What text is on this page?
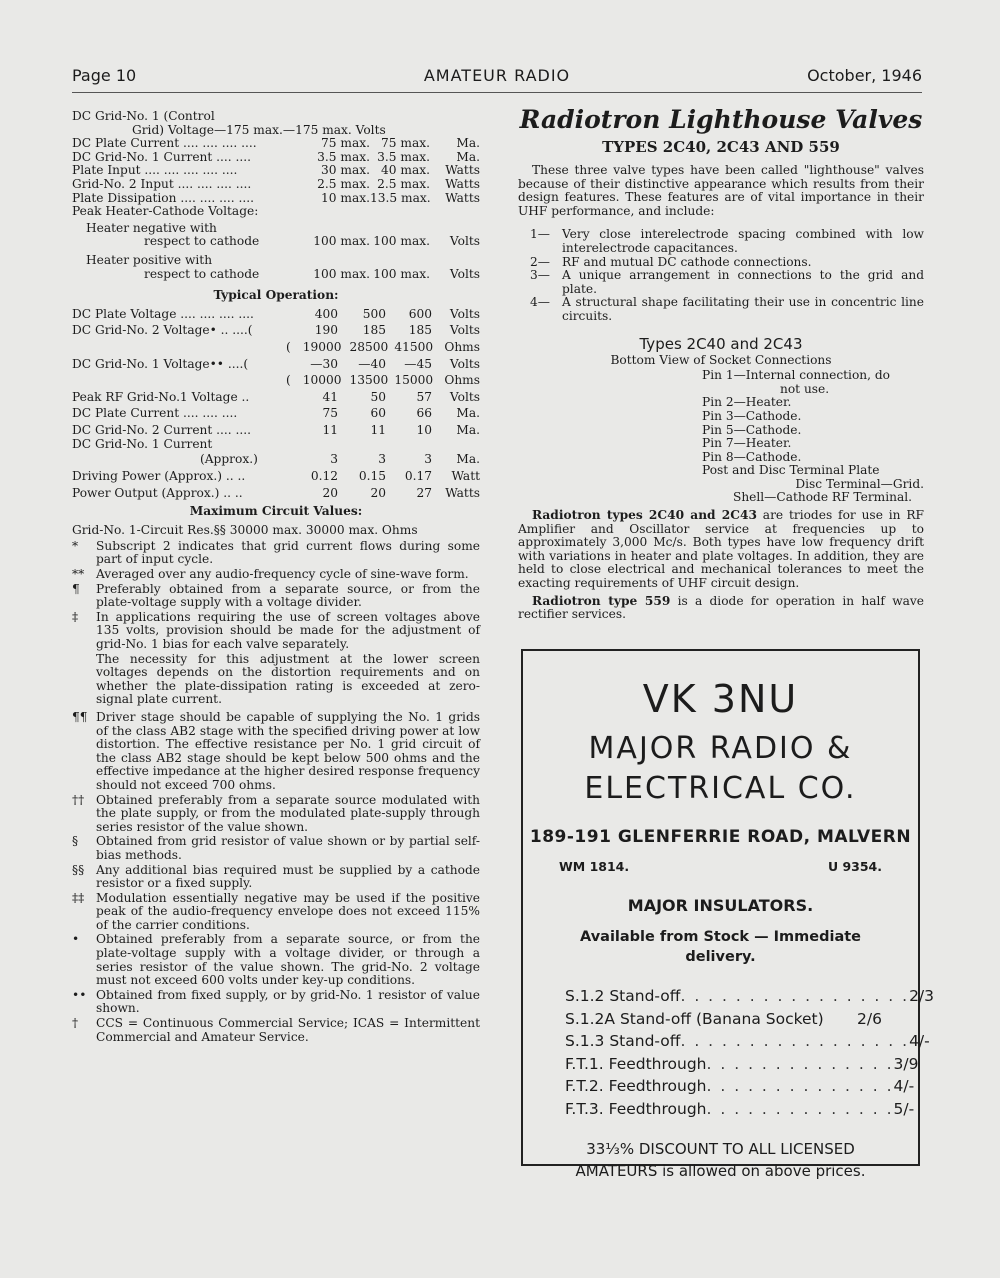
Page 10	AMATEUR RADIO	October, 1946
DC Grid-No. 1 (Control
Grid) Voltage—175 max.—175 max. Volts
DC Plate Current .... .... .... ....	75 max. 75 max.	Ma.
DC Grid-No. 1 Current .... ....	3.5 max. 3.5 max.	Ma.
Plate Input .... .... .... .... ....	30 max. 40 max.	Watts
Grid-No. 2 Input .... .... .... ....	2.5 max. 2.5 max.	Watts
Plate Dissipation .... .... .... ....	10 max. 13.5 max.	Watts
Peak Heater-Cathode Voltage:
Heater negative with
respect to cathode	100 max. 100 max.	Volts
Heater positive with
respect to cathode	100 max. 100 max.	Volts
Typical Operation:
DC Plate Voltage .... .... .... ....	400	500	600	Volts
DC Grid-No. 2 Voltage• .. ....(	190	185	185	Volts
( 19000 28500 41500 Ohms
DC Grid-No. 1 Voltage•• ....(	—30	—40	—45	Volts
( 10000 13500 15000 Ohms
Peak RF Grid-No.1 Voltage ..	41	50	57	Volts
DC Plate Current .... .... ....	75	60	66	Ma.
DC Grid-No. 2 Current .... ....	11	11	10	Ma.
DC Grid-No. 1 Current
(Approx.)	3	3	3	Ma.
Driving Power (Approx.) .. ..	0.12	0.15	0.17	Watt
Power Output (Approx.) .. ..	20	20	27	Watts
Maximum Circuit Values:
Grid-No. 1-Circuit Res.§§ 30000 max. 30000 max. Ohms
*	Subscript 2 indicates that grid current flows during some part of input cycle.
** Averaged over any audio-frequency cycle of sine-wave form.
¶	Preferably obtained from a separate source, or from the plate-voltage supply with a voltage divider.
‡	In applications requiring the use of screen voltages above 135 volts, provision should be made for the adjustment of grid-No. 1 bias for each valve separately.
The necessity for this adjustment at the lower screen voltages depends on the distortion requirements and on whether the plate-dissipation rating is exceeded at zero-signal plate current.
¶¶ Driver stage should be capable of supplying the No. 1 grids of the class AB2 stage with the specified driving power at low distortion. The effective resistance per No. 1 grid circuit of the class AB2 stage should be kept below 500 ohms and the effective impedance at the higher desired response frequency should not exceed 700 ohms.
†† Obtained preferably from a separate source modulated with the plate supply, or from the modulated plate-supply through series resistor of the value shown.
§	Obtained from grid resistor of value shown or by partial self-bias methods.
§§ Any additional bias required must be supplied by a cathode resistor or a fixed supply.
‡‡ Modulation essentially negative may be used if the positive peak of the audio-frequency envelope does not exceed 115% of the carrier conditions.
•	Obtained preferably from a separate source, or from the plate-voltage supply with a voltage divider, or through a series resistor of the value shown. The grid-No. 2 voltage must not exceed 600 volts under key-up conditions.
•• Obtained from fixed supply, or by grid-No. 1 resistor of value shown.
†	CCS = Continuous Commercial Service; ICAS = Intermittent Commercial and Amateur Service.
Radiotron Lighthouse Valves
TYPES 2C40, 2C43 AND 559
These three valve types have been called "lighthouse" valves because of their distinctive appearance which results from their design features. These features are of vital importance in their UHF performance, and include:
1— Very close interelectrode spacing combined with low interelectrode capacitances.
2— RF and mutual DC cathode connections.
3— A unique arrangement in connections to the grid and plate.
4— A structural shape facilitating their use in concentric line circuits.
Types 2C40 and 2C43
Bottom View of Socket Connections
Pin 1—Internal connection, do
not use.
Pin 2—Heater.
Pin 3—Cathode.
Pin 5—Cathode.
Pin 7—Heater.
Pin 8—Cathode.
Post and Disc Terminal Plate
Disc Terminal—Grid.
Shell—Cathode RF Terminal.
Radiotron types 2C40 and 2C43 are triodes for use in RF Amplifier and Oscillator service at frequencies up to approximately 3,000 Mc/s. Both types have low frequency drift with variations in heater and plate voltages. In addition, they are held to close electrical and mechanical tolerances to meet the exacting requirements of UHF circuit design.
Radiotron type 559 is a diode for operation in half wave rectifier services.
VK 3NU
MAJOR RADIO &
ELECTRICAL CO.
189-191 GLENFERRIE ROAD, MALVERN
WM 1814.	U 9354.
MAJOR INSULATORS.
Available from Stock — Immediate delivery.
S.1.2 Stand-off . . . . . . . . . . . . . . . . . 2/3
S.1.2A Stand-off (Banana Socket) 2/6
S.1.3 Stand-off . . . . . . . . . . . . . . . . . 4/-
F.T.1. Feedthrough . . . . . . . . . . . . . . 3/9
F.T.2. Feedthrough . . . . . . . . . . . . . . 4/-
F.T.3. Feedthrough . . . . . . . . . . . . . . 5/-
33⅓% DISCOUNT TO ALL LICENSED AMATEURS is allowed on above prices.
